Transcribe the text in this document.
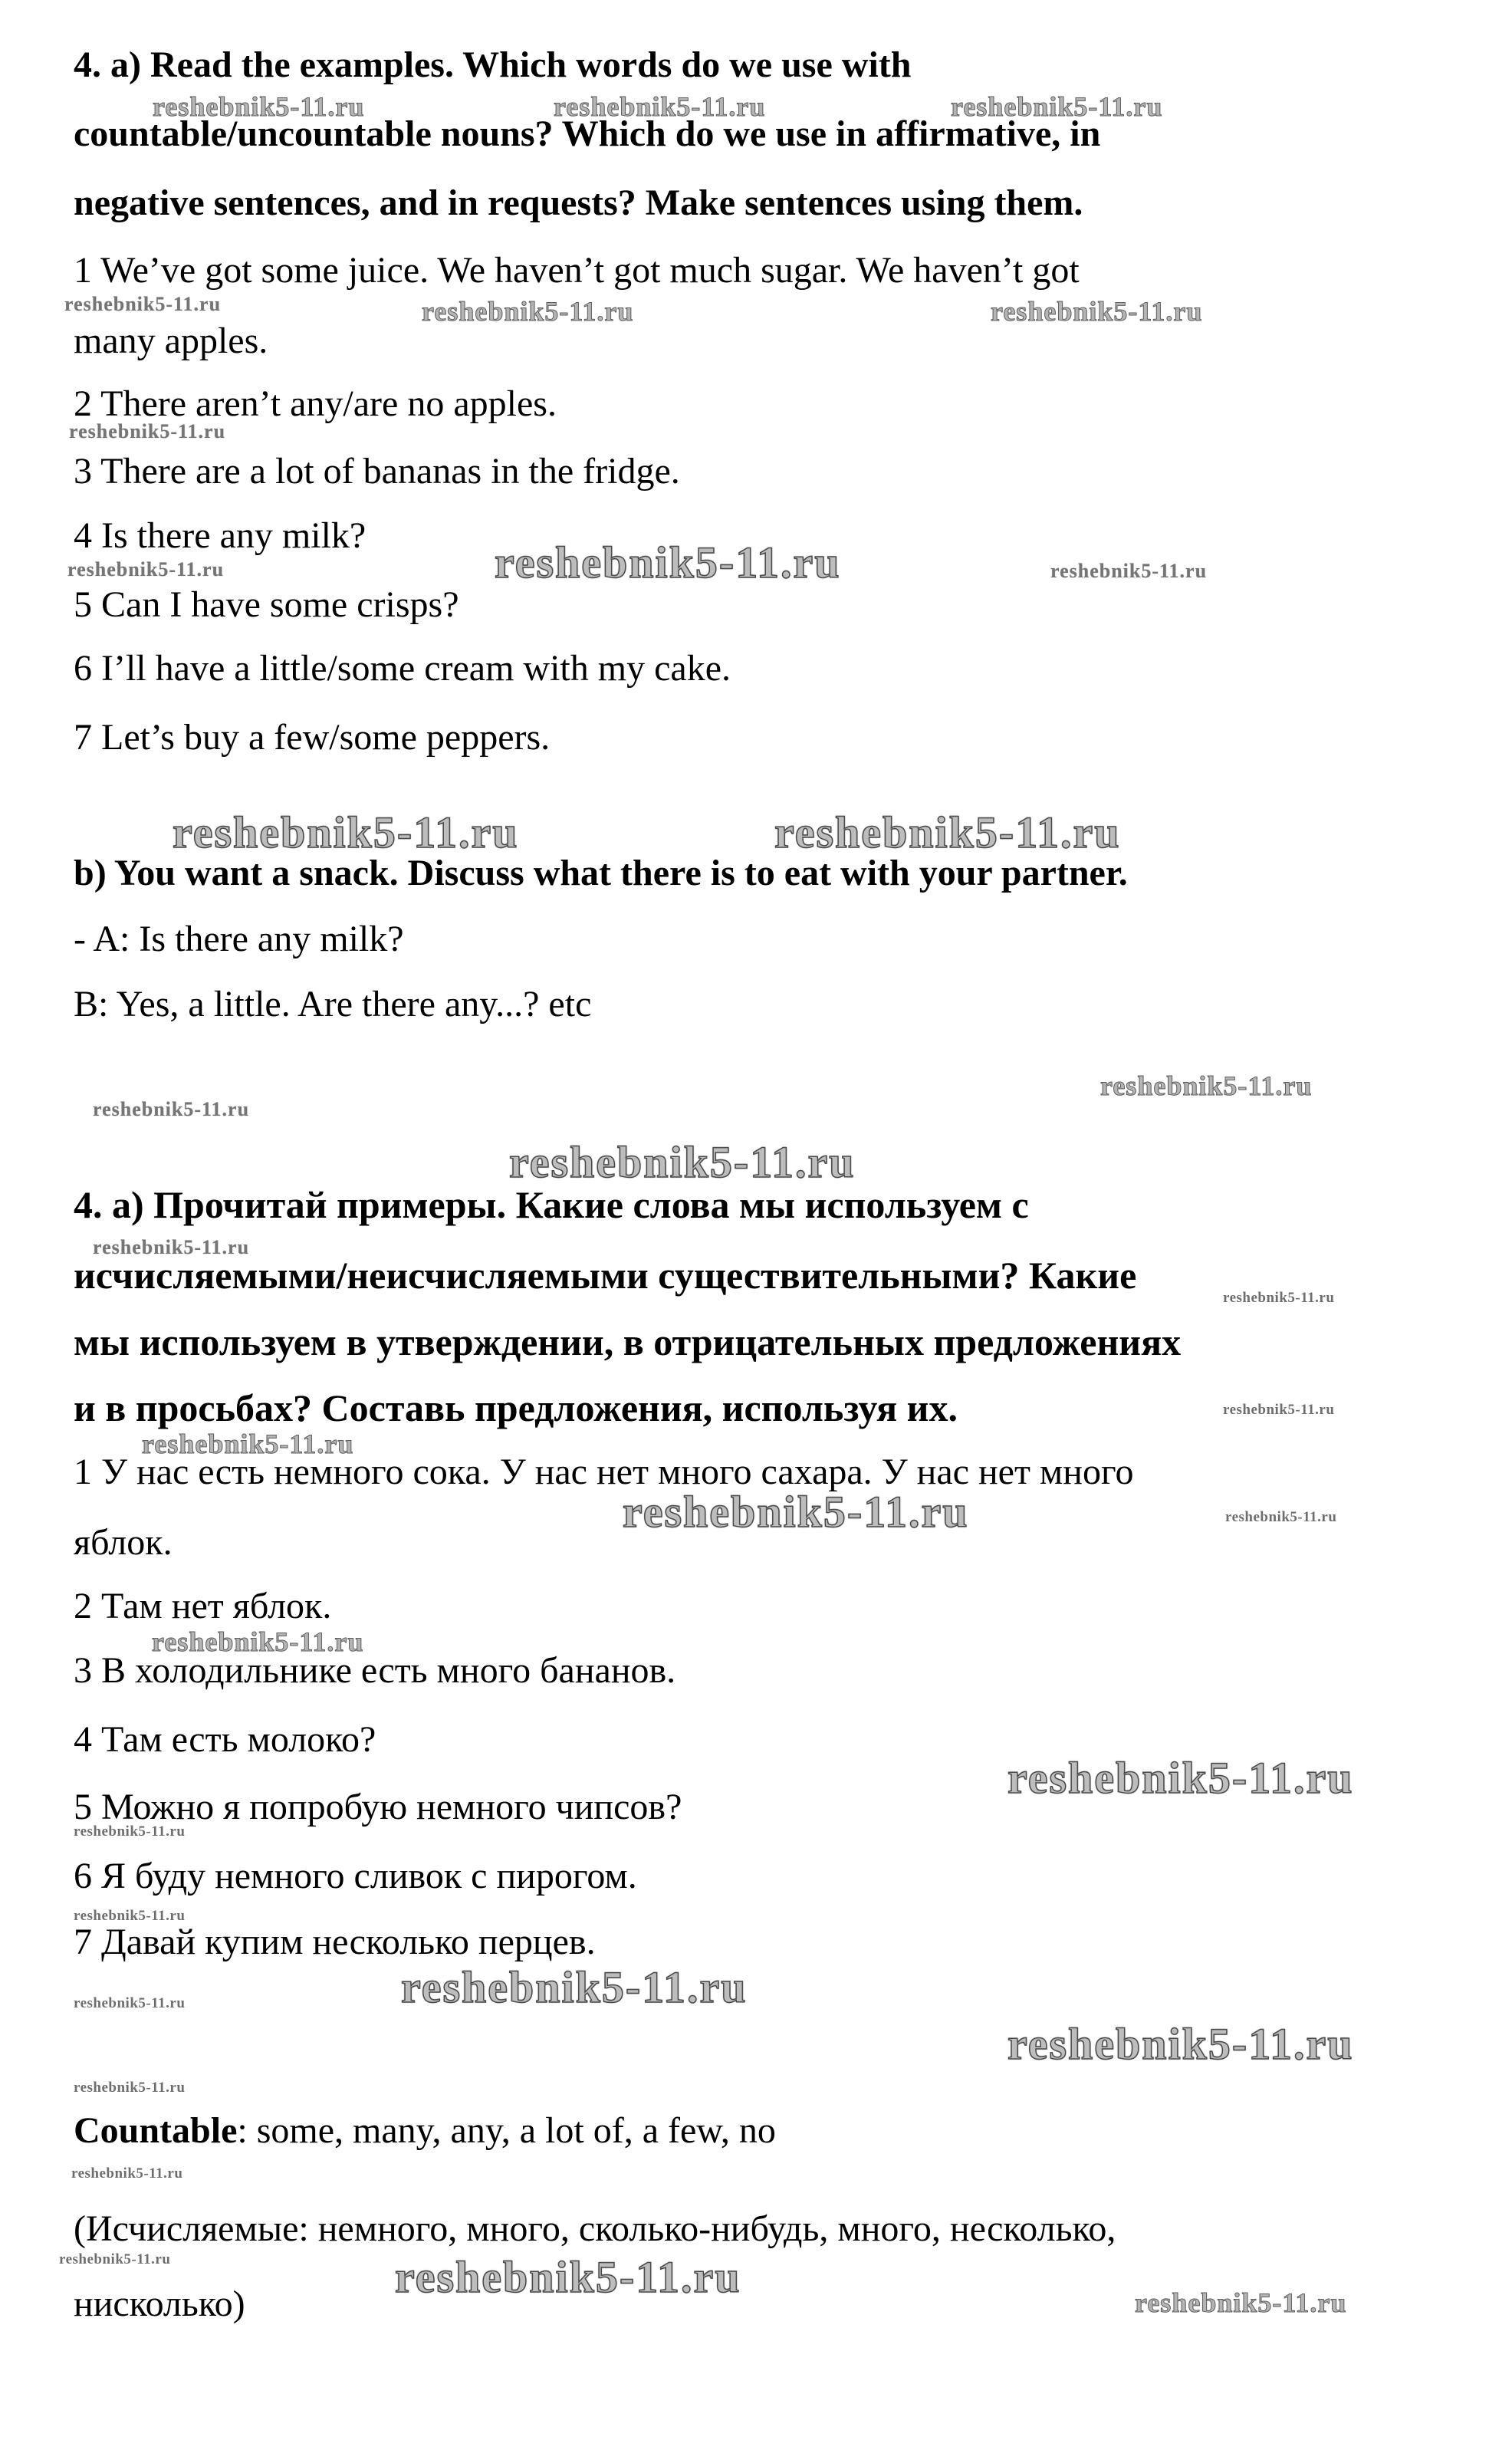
4. a) Read the examples. Which words do we use with
countable/uncountable nouns? Which do we use in affirmative, in
negative sentences, and in requests? Make sentences using them.
1 We’ve got some juice. We haven’t got much sugar. We haven’t got
many apples.
2 There aren’t any/are no apples.
3 There are a lot of bananas in the fridge.
4 Is there any milk?
5 Can I have some crisps?
6 I’ll have a little/some cream with my cake.
7 Let’s buy a few/some peppers.
b) You want a snack. Discuss what there is to eat with your partner.
- A: Is there any milk?
B: Yes, a little. Are there any...? etc
4. а) Прочитай примеры. Какие слова мы используем с
исчисляемыми/неисчисляемыми существительными? Какие
мы используем в утверждении, в отрицательных предложениях
и в просьбах? Составь предложения, используя их.
1 У нас есть немного сока. У нас нет много сахара. У нас нет много
яблок.
2 Там нет яблок.
3 В холодильнике есть много бананов.
4 Там есть молоко?
5 Можно я попробую немного чипсов?
6 Я буду немного сливок с пирогом.
7 Давай купим несколько перцев.
Countable: some, many, any, a lot of, a few, no
(Исчисляемые: немного, много, сколько-нибудь, много, несколько,
нисколько)
reshebnik5-11.ru	reshebnik5-11.ru	reshebnik5-11.ru
reshebnik5-11.ru	reshebnik5-11.ru	reshebnik5-11.ru
reshebnik5-11.ru
reshebnik5-11.ru	reshebnik5-11.ru	reshebnik5-11.ru
reshebnik5-11.ru	reshebnik5-11.ru
reshebnik5-11.ru
reshebnik5-11.ru
reshebnik5-11.ru
reshebnik5-11.ru
reshebnik5-11.ru
reshebnik5-11.ru
reshebnik5-11.ru
reshebnik5-11.ru	reshebnik5-11.ru
reshebnik5-11.ru
reshebnik5-11.ru
reshebnik5-11.ru
reshebnik5-11.ru
reshebnik5-11.ru
reshebnik5-11.ru
reshebnik5-11.ru
reshebnik5-11.ru
reshebnik5-11.ru
reshebnik5-11.ru	reshebnik5-11.ru
reshebnik5-11.ru
